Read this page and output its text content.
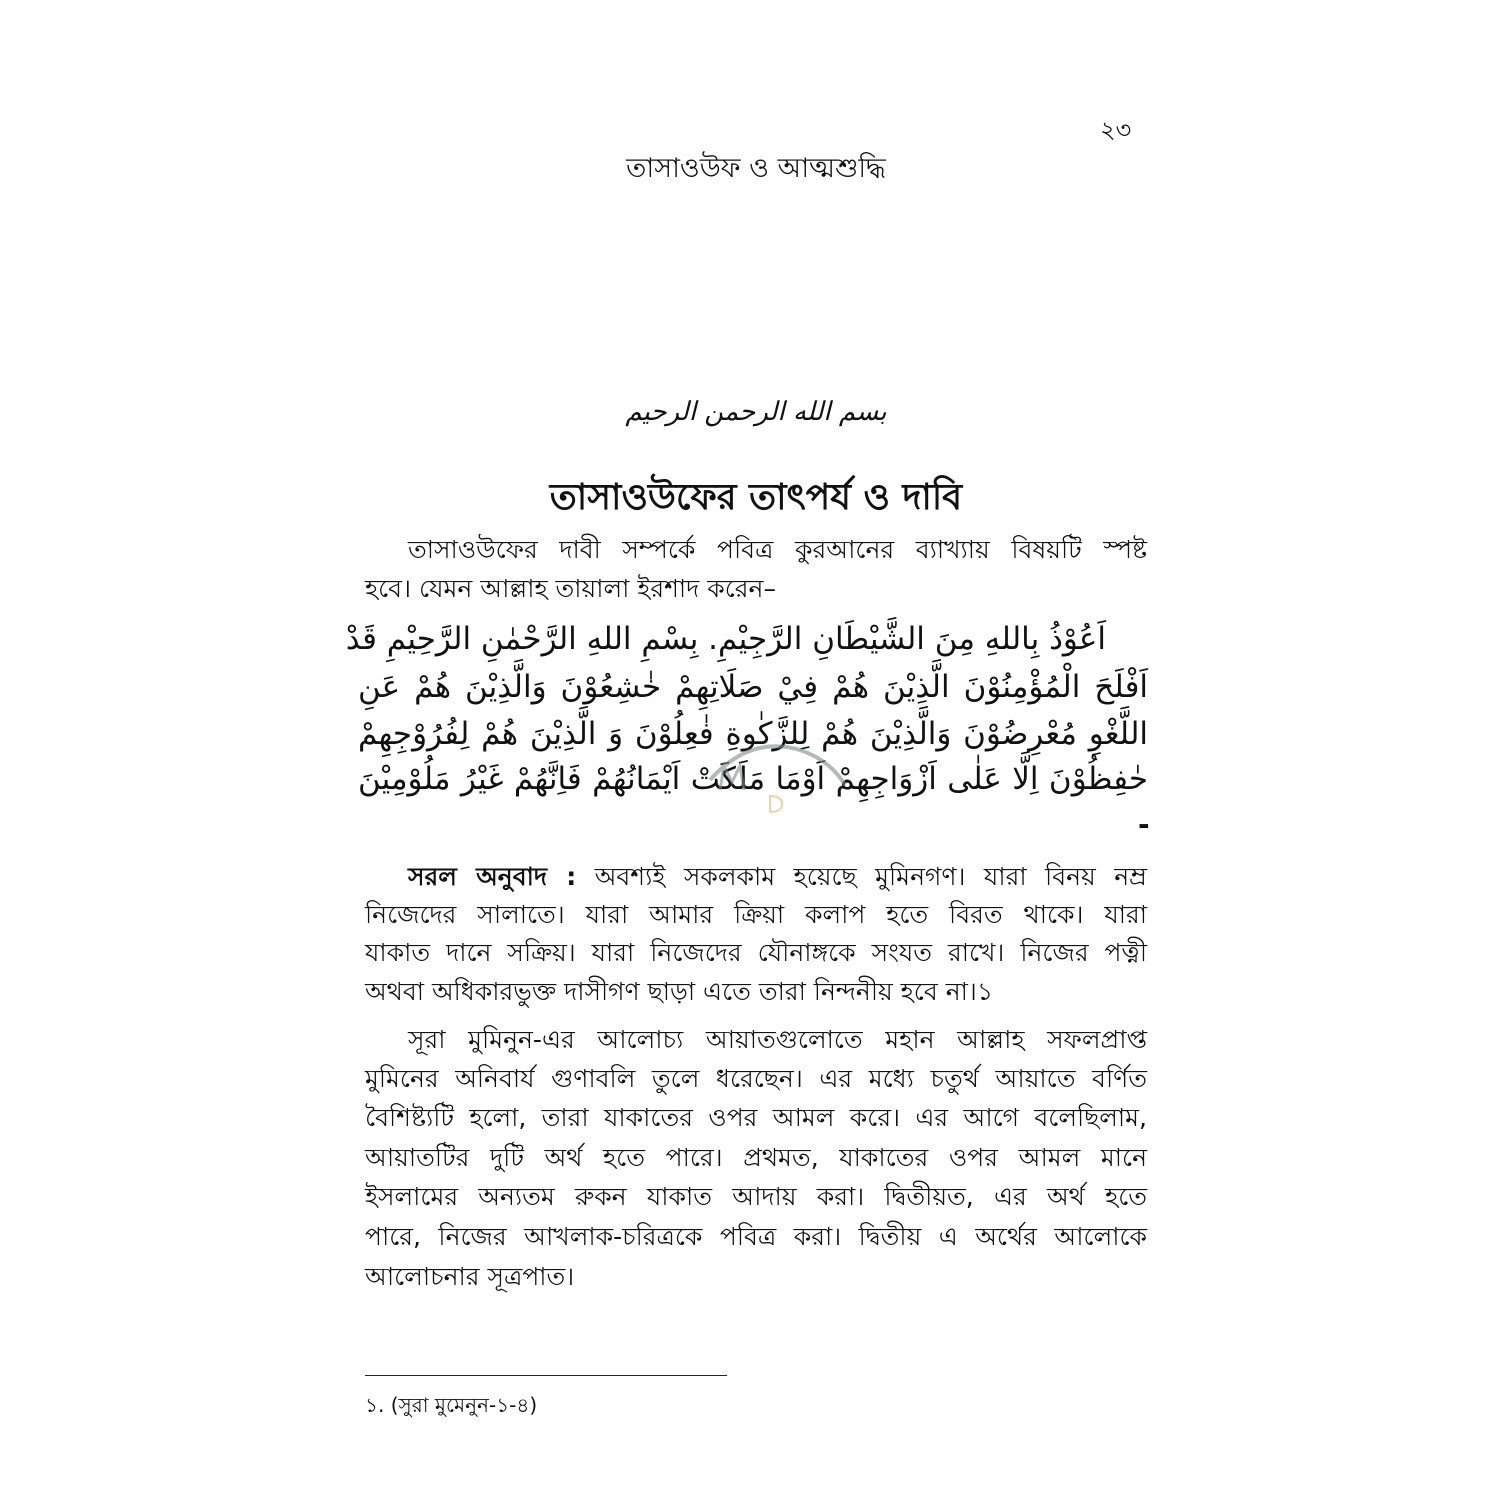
২৩
তাসাওউফ ও আত্মশুদ্ধি
بسم الله الرحمن الرحيم
তাসাওউফের তাৎপর্য ও দাবি
তাসাওউফের দাবী সম্পর্কে পবিত্র কুরআনের ব্যাখ্যায় বিষয়টি স্পষ্ট
হবে। যেমন আল্লাহ তায়ালা ইরশাদ করেন–
اَعُوْذُ بِاللهِ مِنَ الشَّيْطَانِ الرَّجِيْمِ. بِسْمِ اللهِ الرَّحْمٰنِ الرَّحِيْمِ قَدْ
اَفْلَحَ الْمُؤْمِنُوْنَ الَّذِيْنَ هُمْ فِيْ صَلَاتِهِمْ خٰشِعُوْنَ وَالَّذِيْنَ هُمْ عَنِ
اللَّغْوِ مُعْرِضُوْنَ وَالَّذِيْنَ هُمْ لِلزَّكٰوةِ فٰعِلُوْنَ وَ الَّذِيْنَ هُمْ لِفُرُوْجِهِمْ
حٰفِظُوْنَ اِلَّا عَلٰى اَزْوَاجِهِمْ اَوْمَا مَلَكَتْ اَيْمَانُهُمْ فَاِنَّهُمْ غَيْرُ مَلُوْمِيْنَ
-
সরল অনুবাদ : অবশ্যই সকলকাম হয়েছে মুমিনগণ। যারা বিনয় নম্র
নিজেদের সালাতে। যারা আমার ক্রিয়া কলাপ হতে বিরত থাকে। যারা
যাকাত দানে সক্রিয়। যারা নিজেদের যৌনাঙ্গকে সংযত রাখে। নিজের পত্নী
অথবা অধিকারভুক্ত দাসীগণ ছাড়া এতে তারা নিন্দনীয় হবে না।১
সূরা মুমিনুন-এর আলোচ্য আয়াতগুলোতে মহান আল্লাহ সফলপ্রাপ্ত
মুমিনের অনিবার্য গুণাবলি তুলে ধরেছেন। এর মধ্যে চতুর্থ আয়াতে বর্ণিত
বৈশিষ্ট্যটি হলো, তারা যাকাতের ওপর আমল করে। এর আগে বলেছিলাম,
আয়াতটির দুটি অর্থ হতে পারে। প্রথমত, যাকাতের ওপর আমল মানে
ইসলামের অন্যতম রুকন যাকাত আদায় করা। দ্বিতীয়ত, এর অর্থ হতে
পারে, নিজের আখলাক-চরিত্রকে পবিত্র করা। দ্বিতীয় এ অর্থের আলোকে
আলোচনার সূত্রপাত।
১. (সুরা মুমেনুন-১-৪)
